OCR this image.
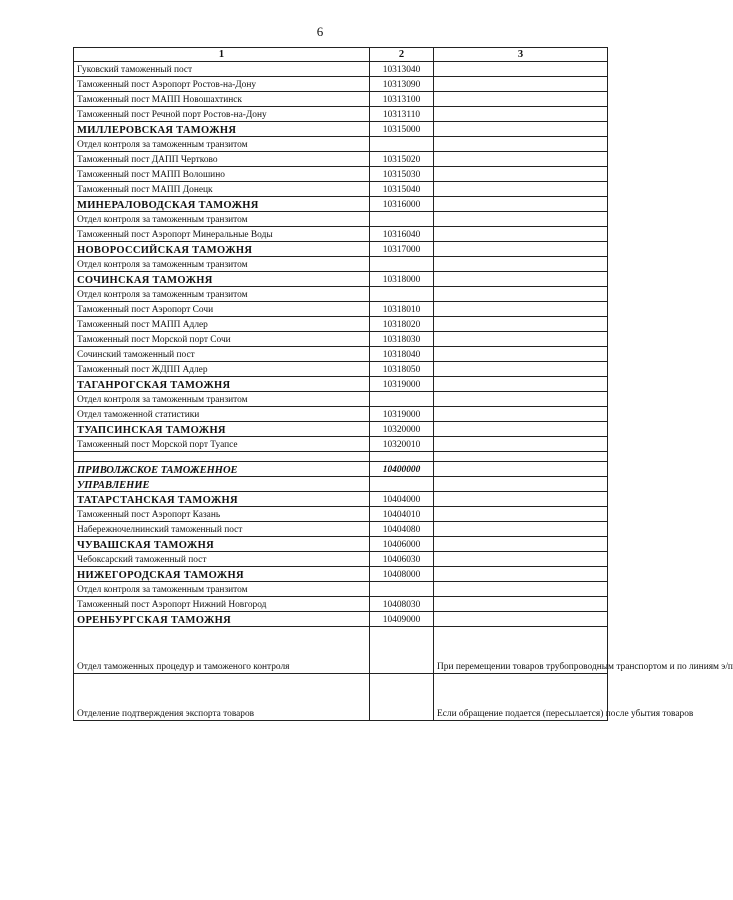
6
1	2	3
Гуковский таможенный пост	10313040	
Таможенный пост Аэропорт Ростов-на-Дону	10313090	
Таможенный пост МАПП Новошахтинск	10313100	
Таможенный пост Речной порт Ростов-на-Дону	10313110	
МИЛЛЕРОВСКАЯ ТАМОЖНЯ	10315000	
Отдел контроля за таможенным транзитом		
Таможенный пост ДАПП Чертково	10315020	
Таможенный пост МАПП Волошино	10315030	
Таможенный пост МАПП Донецк	10315040	
МИНЕРАЛОВОДСКАЯ ТАМОЖНЯ	10316000	
Отдел контроля за таможенным транзитом		
Таможенный пост Аэропорт Минеральные Воды	10316040	
НОВОРОССИЙСКАЯ ТАМОЖНЯ	10317000	
Отдел контроля за таможенным транзитом		
СОЧИНСКАЯ ТАМОЖНЯ	10318000	
Отдел контроля за таможенным транзитом		
Таможенный пост Аэропорт Сочи	10318010	
Таможенный пост МАПП Адлер	10318020	
Таможенный пост Морской порт Сочи	10318030	
Сочинский таможенный пост	10318040	
Таможенный пост ЖДПП Адлер	10318050	
ТАГАНРОГСКАЯ ТАМОЖНЯ	10319000	
Отдел контроля за таможенным транзитом		
Отдел таможенной статистики	10319000	
ТУАПСИНСКАЯ ТАМОЖНЯ	10320000	
Таможенный пост Морской порт Туапсе	10320010	

ПРИВОЛЖСКОЕ ТАМОЖЕННОЕ	10400000	
УПРАВЛЕНИЕ		
ТАТАРСТАНСКАЯ ТАМОЖНЯ	10404000	
Таможенный пост Аэропорт Казань	10404010	
Набережночелнинский таможенный пост	10404080	
ЧУВАШСКАЯ ТАМОЖНЯ	10406000	
Чебоксарский таможенный пост	10406030	
НИЖЕГОРОДСКАЯ ТАМОЖНЯ	10408000	
Отдел контроля за таможенным транзитом		
Таможенный пост Аэропорт Нижний Новгород	10408030	
ОРЕНБУРГСКАЯ ТАМОЖНЯ	10409000	
Отдел таможенных процедур и таможеного контроля		При перемещении товаров трубопроводным транспортом и по линиям э/п
Отделение подтверждения экспорта товаров		Если обращение подается (пересылается) после убытия товаров
